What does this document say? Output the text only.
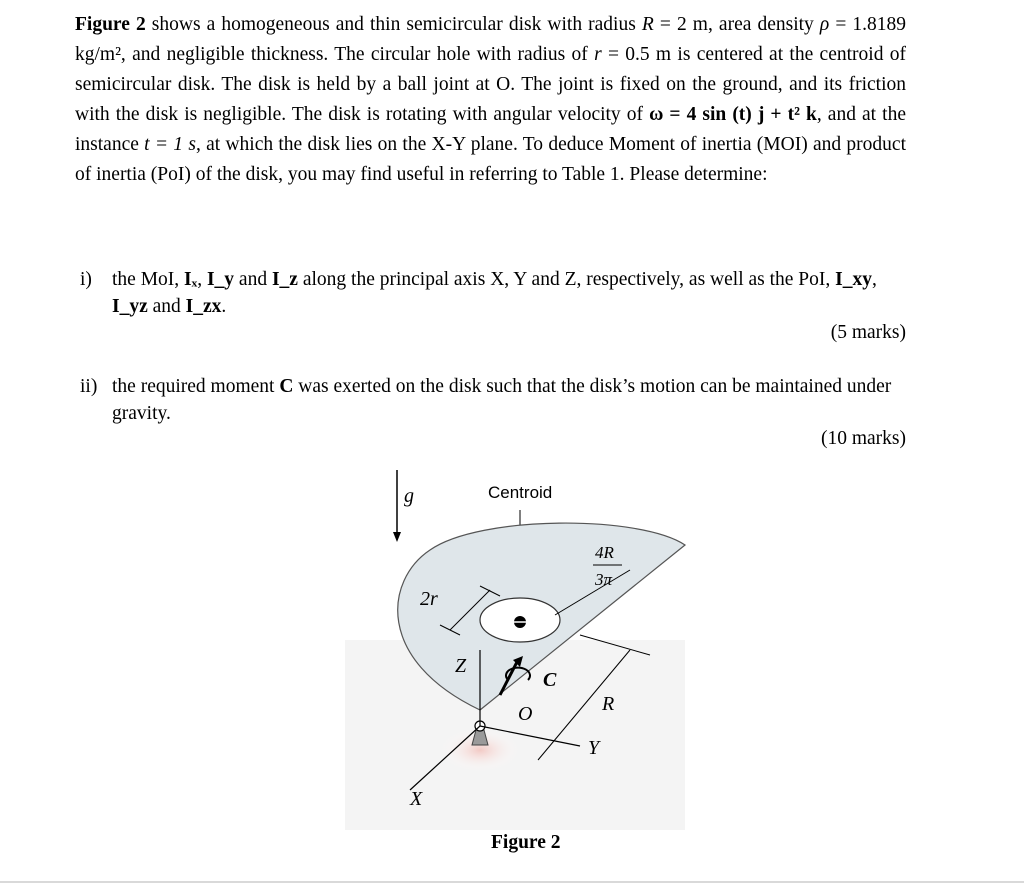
Figure 2 shows a homogeneous and thin semicircular disk with radius R = 2 m, area density ρ = 1.8189 kg/m², and negligible thickness. The circular hole with radius of r = 0.5 m is centered at the centroid of semicircular disk. The disk is held by a ball joint at O. The joint is fixed on the ground, and its friction with the disk is negligible. The disk is rotating with angular velocity of ω = 4 sin (t) j + t² k, and at the instance t = 1 s, at which the disk lies on the X-Y plane. To deduce Moment of inertia (MOI) and product of inertia (PoI) of the disk, you may find useful in referring to Table 1. Please determine:
i) the MoI, Iₓ, I_y and I_z along the principal axis X, Y and Z, respectively, as well as the PoI, I_xy, I_yz and I_zx.
(5 marks)
ii) the required moment C was exerted on the disk such that the disk’s motion can be maintained under gravity.
(10 marks)
g	Centroid
2r
4R
3π
R
Z
C
O
Y
X
Figure 2
